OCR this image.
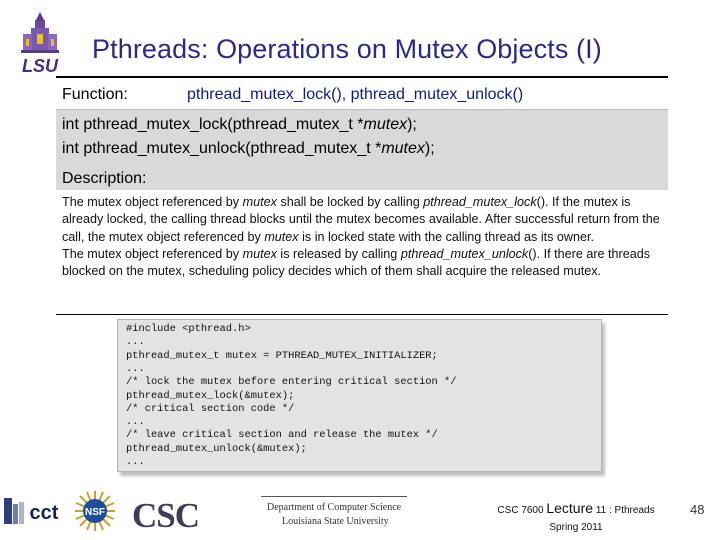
LSU
Pthreads: Operations on Mutex Objects (I)
Function:	pthread_mutex_lock(), pthread_mutex_unlock()
int pthread_mutex_lock(pthread_mutex_t *mutex);
int pthread_mutex_unlock(pthread_mutex_t *mutex);
Description:
The mutex object referenced by mutex shall be locked by calling pthread_mutex_lock(). If the mutex is already locked, the calling thread blocks until the mutex becomes available. After successful return from the call, the mutex object referenced by mutex is in locked state with the calling thread as its owner.
The mutex object referenced by mutex is released by calling pthread_mutex_unlock(). If there are threads blocked on the mutex, scheduling policy decides which of them shall acquire the released mutex.
#include <pthread.h>
...
pthread_mutex_t mutex = PTHREAD_MUTEX_INITIALIZER;
...
/* lock the mutex before entering critical section */
pthread_mutex_lock(&mutex);
/* critical section code */
...
/* leave critical section and release the mutex */
pthread_mutex_unlock(&mutex);
...
cct	NSF CSC	Department of Computer Science
Louisiana State University
CSC 7600 Lecture 11 : Pthreads
Spring 2011
48
